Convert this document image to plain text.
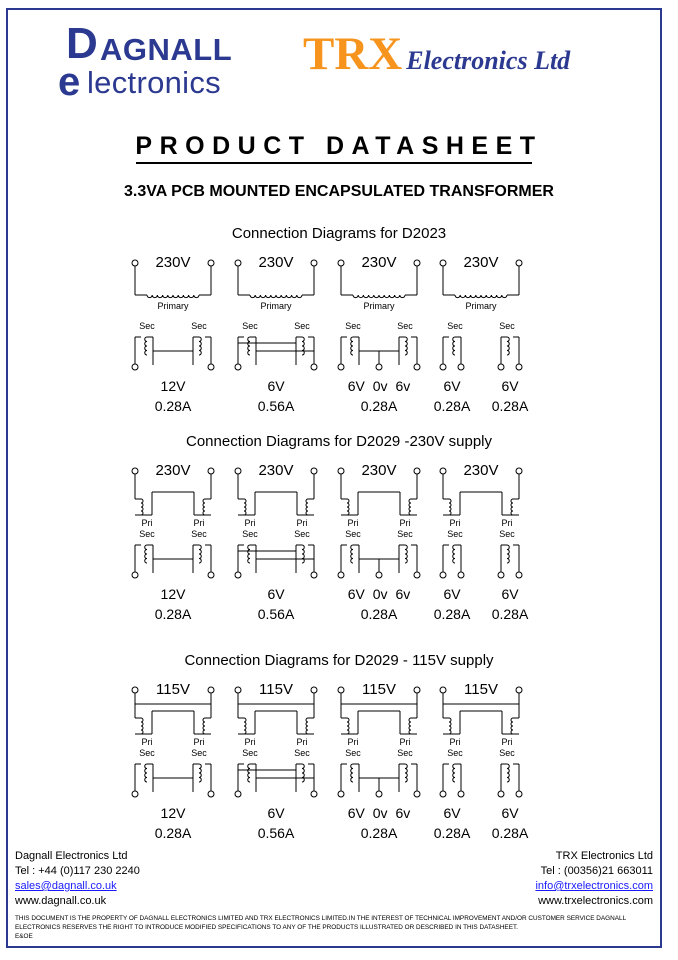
D AGNALL
e lectronics
TRX Electronics Ltd
PRODUCT DATASHEET
3.3VA PCB MOUNTED ENCAPSULATED TRANSFORMER
Connection Diagrams for D2023
Connection Diagrams for D2029 -230V supply
Connection Diagrams for D2029 - 115V supply
230V
Primary
Sec	Sec
12V
0.28A
230V
Primary
Sec	Sec
6V
0.56A
230V
Primary
Sec	Sec
6V 0v 6v
0.28A
230V
Primary
Sec	Sec
6V	6V
0.28A 0.28A
230V
Pri	Pri
Sec	Sec
12V
0.28A
230V
Pri	Pri
Sec	Sec
6V
0.56A
230V
Pri	Pri
Sec	Sec
6V 0v 6v
0.28A
230V
Pri	Pri
Sec	Sec
6V	6V
0.28A 0.28A
115V
Pri	Pri
Sec	Sec
12V
0.28A
115V
Pri	Pri
Sec	Sec
6V
0.56A
115V
Pri	Pri
Sec	Sec
6V 0v 6v
0.28A
115V
Pri	Pri
Sec	Sec
6V	6V
0.28A 0.28A
Dagnall Electronics Ltd
Tel : +44 (0)117 230 2240
sales@dagnall.co.uk
www.dagnall.co.uk
TRX Electronics Ltd
Tel : (00356)21 663011
info@trxelectronics.com
www.trxelectronics.com
THIS DOCUMENT IS THE PROPERTY OF DAGNALL ELECTRONICS LIMITED AND TRX ELECTRONICS LIMITED.IN THE INTEREST OF TECHNICAL IMPROVEMENT AND/OR CUSTOMER SERVICE DAGNALL ELECTRONICS RESERVES THE RIGHT TO INTRODUCE MODIFIED SPECIFICATIONS TO ANY OF THE PRODUCTS ILLUSTRATED OR DESCRIBED IN THIS DATASHEET.
E&OE
